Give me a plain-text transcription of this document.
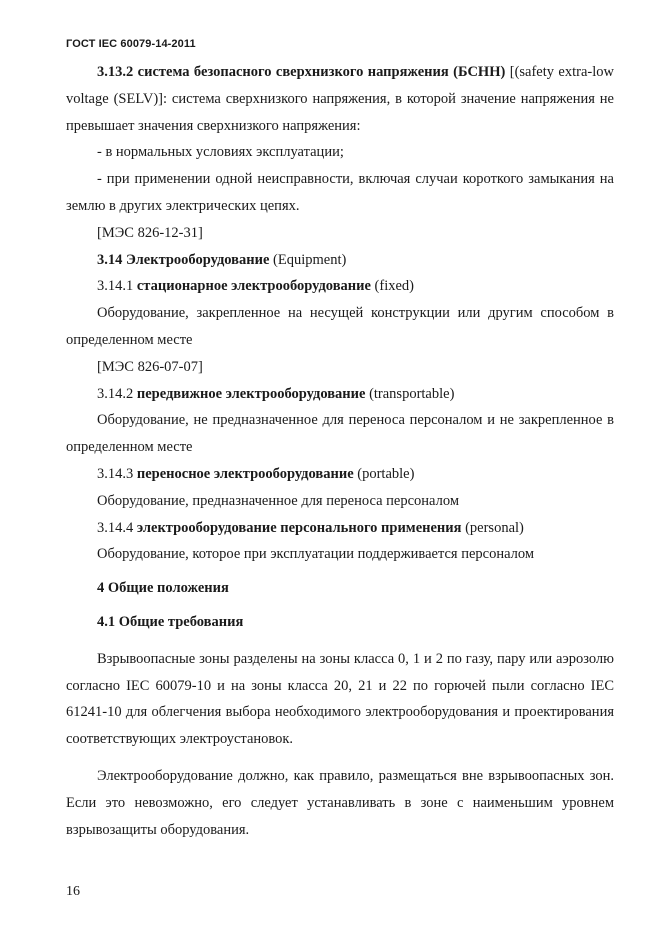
ГОСТ IEC 60079-14-2011

3.13.2 система безопасного сверхнизкого напряжения (БСНН) [(safety extra-low voltage (SELV)]: система сверхнизкого напряжения, в которой значение напряжения не превышает значения сверхнизкого напряжения:

- в нормальных условиях эксплуатации;

- при применении одной неисправности, включая случаи короткого замыкания на землю в других электрических цепях.

[МЭС 826-12-31]

3.14 Электрооборудование (Equipment)

3.14.1 стационарное электрооборудование (fixed)

Оборудование, закрепленное на несущей конструкции или другим способом в определенном месте

[МЭС 826-07-07]

3.14.2 передвижное электрооборудование (transportable)

Оборудование, не предназначенное для переноса персоналом и не закрепленное в определенном месте

3.14.3 переносное электрооборудование (portable)

Оборудование, предназначенное для переноса персоналом

3.14.4 электрооборудование персонального применения (personal)

Оборудование, которое при эксплуатации поддерживается персоналом

4 Общие положения

4.1 Общие требования

Взрывоопасные зоны разделены на зоны класса 0, 1 и 2 по газу, пару или аэрозолю согласно IEC 60079-10 и на зоны класса 20, 21 и 22 по горючей пыли согласно IEC 61241-10 для облегчения выбора необходимого электрооборудования и проектирования соответствующих электроустановок.

Электрооборудование должно, как правило, размещаться вне взрывоопасных зон. Если это невозможно, его следует устанавливать в зоне с наименьшим уровнем взрывозащиты оборудования.

16
